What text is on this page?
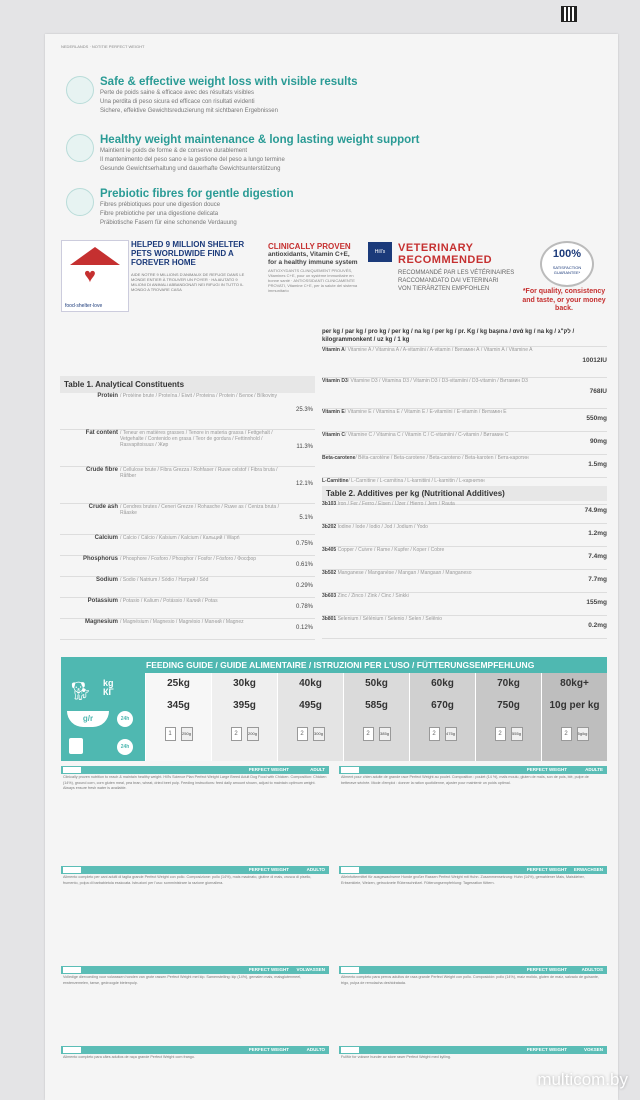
NEDERLANDS · NOTITIE PERFECT WEIGHT
Safe & effective weight loss with visible results

Perte de poids saine & efficace avec des résultats visibles

Una perdita di peso sicura ed efficace con risultati evidenti

Sichere, effektive Gewichtsreduzierung mit sichtbaren Ergebnissen

Healthy weight maintenance & long lasting weight support

Maintient le poids de forme & de conserve durablement

Il mantenimento del peso sano e la gestione del peso a lungo termine

Gesunde Gewichtserhaltung und dauerhafte Gewichtsunterstützung

Prebiotic fibres for gentle digestion

Fibres prébiotiques pour une digestion douce

Fibre prebiotiche per una digestione delicata

Präbiotische Fasern für eine schonende Verdauung

♥
food·shelter·love
HELPED 9 MILLION SHELTER PETS WORLDWIDE FIND A FOREVER HOME
AIDE NOTRE 9 MILLIONS D'ANIMAUX DE REFUGE DANS LE MONDE ENTIER À TROUVER UN FOYER · HA AIUTATO 9 MILIONI DI ANIMALI ABBANDONATI NEI RIFUGI IN TUTTO IL MONDO A TROVARE CASA
CLINICALLY PROVEN
antioxidants, Vitamin C+E, for a healthy immune system
ANTIOXYDANTS CLINIQUEMENT PROUVÉS, Vitamines C+E, pour un système immunitaire en bonne santé · ANTIOSSIDANTI CLINICAMENTE PROVATI, Vitamine C+E, per la salute del sistema immunitario
Hill's	VETERINARY
RECOMMENDED
RECOMMANDÉ PAR LES VÉTÉRINAIRES
RACCOMANDATO DAI VETERINARI
VON TIERÄRZTEN EMPFOHLEN
100%
SATISFACTION GUARANTEE*
*For quality, consistency and taste, or your money back.
per kg / par kg / pro kg / per kg / na kg / per kg / pr. Kg / kg başına / ανά kg / na kg / לק"ג / kilogrammonkent / uz kg / 1 kg
Vitamin A/ Vitamine A / Vitamina A / A-vitamiini / A-vitamin / Витамин А / Vitamin A / Vitamine A
10012IU
Vitamin D3/ Vitamine D3 / Vitamina D3 / Vitamin D3 / D3-vitamiini / D3-vitamin / Витамин D3
768IU
Vitamin E/ Vitamine E / Vitamina E / Vitamin E / E-vitamiini / E-vitamin / Витамин Е
550mg
Vitamin C/ Vitamine C / Vitamina C / Vitamin C / C-vitamiini / C-vitamin / Витамин С
90mg
Beta-carotene/ Bêta-carotène / Beta-carotene / Beta-caroteno / Beta-karoten / Бета-каротин
1.5mg
L-Carnitine/ L-Carnitine / L-carnitina / L-karnitiini / L-karnitin / L-карнитин
Table 1. Analytical Constituents
Protein / Protéine brute / Proteína / Eiwit / Proteina / Protein / Белок / Bílkoviny
25.3%
Fat content / Teneur en matières grasses / Tenore in materia grassa / Fettgehalt / Vetgehalte / Contenido en grasa / Teor de gordura / Fettinnhold / Rasvapitoisuus / Жир	11.3%
Crude fibre / Cellulose brute / Fibra Grezza / Rohfaser / Ruwe celstof / Fibra bruta / Råfiber
12.1%
Crude ash / Cendres brutes / Ceneri Grezze / Rohasche / Ruwe as / Ceniza bruta / Råaske
5.1%
Calcium / Calcio / Cálcio / Kalsium / Kalcium / Кальций / Wapń
0.75%
Phosphorus / Phosphore / Fosforo / Phosphor / Fosfor / Fósforo / Фосфор
0.61%
Sodium / Sodio / Natrium / Sódio / Натрий / Sód
0.29%
Potassium / Potasio / Kalium / Potássio / Калий / Potas
0.78%
Magnesium / Magnésium / Magnesio / Magnésio / Магний / Magnez
0.12%
Table 2. Additives per kg (Nutritional Additives)
3b103 Iron / Fer / Ferro / Eisen / IJzer / Hierro / Jern / Rauta
74.9mg
3b202 Iodine / Iode / Iodio / Jod / Jodium / Yodo
1.2mg
3b405 Copper / Cuivre / Rame / Kupfer / Koper / Cobre
7.4mg
3b502 Manganese / Manganèse / Mangan / Mangaan / Manganeso
7.7mg
3b603 Zinc / Zinco / Zink / Cinc / Sinkki
155mg
3b801 Selenium / Sélénium / Selenio / Selen / Selênio
0.2mg
FEEDING GUIDE / GUIDE ALIMENTAIRE / ISTRUZIONI PER L'USO / FÜTTERUNGSEMPFEHLUNG
🐕︎ kg
КГ
g/r	24h
24h
25kg
345g
1	250g
30kg
395g
2	200g
40kg
495g
2	300g
50kg
585g
2	385g
60kg
670g
2	475g
70kg
750g
2	555g
80kg+
10g per kg
2	5g/kg
PERFECT WEIGHT	ADULT
Clinically proven nutrition to reach & maintain healthy weight. Hill's Science Plan Perfect Weight Large Breed Adult Dog Food with Chicken. Composition: Chicken (14%), ground corn, corn gluten meal, pea bran, wheat, dried beet pulp. Feeding instructions: feed daily amount shown, adjust to maintain optimum weight. Always ensure fresh water is available.
PERFECT WEIGHT	ADULTE
Aliment pour chien adulte de grande race Perfect Weight au poulet. Composition : poulet (14 %), maïs moulu, gluten de maïs, son de pois, blé, pulpe de betterave séchée. Mode d'emploi : donner la ration quotidienne, ajuster pour maintenir un poids optimal.
PERFECT WEIGHT	ADULTO
Alimento completo per cani adulti di taglia grande Perfect Weight con pollo. Composizione: pollo (14%), mais macinato, glutine di mais, crusca di pisello, frumento, polpa di barbabietola essiccata. Istruzioni per l'uso: somministrare la razione giornaliera.
PERFECT WEIGHT ERWACHSEN
Alleinfuttermittel für ausgewachsene Hunde großer Rassen Perfect Weight mit Huhn. Zusammensetzung: Huhn (14%), gemahlener Mais, Maiskleber, Erbsenkleie, Weizen, getrocknete Rübenschnitzel. Fütterungsempfehlung: Tagesration füttern.
PERFECT WEIGHT VOLWASSEN
Volledige diervoeding voor volwassen honden van grote rassen Perfect Weight met kip. Samenstelling: kip (14%), gemalen mais, maisglutenmeel, erwtenzemelen, tarwe, gedroogde bietenpulp.
PERFECT WEIGHT	ADULTOS
Alimento completo para perros adultos de raza grande Perfect Weight con pollo. Composición: pollo (14%), maíz molido, gluten de maíz, salvado de guisante, trigo, pulpa de remolacha deshidratada.
PERFECT WEIGHT	ADULTO
Alimento completo para cães adultos de raça grande Perfect Weight com frango.
PERFECT WEIGHT	VOKSEN
Fullfôr for voksne hunder av store raser Perfect Weight med kylling.
multicom.by
